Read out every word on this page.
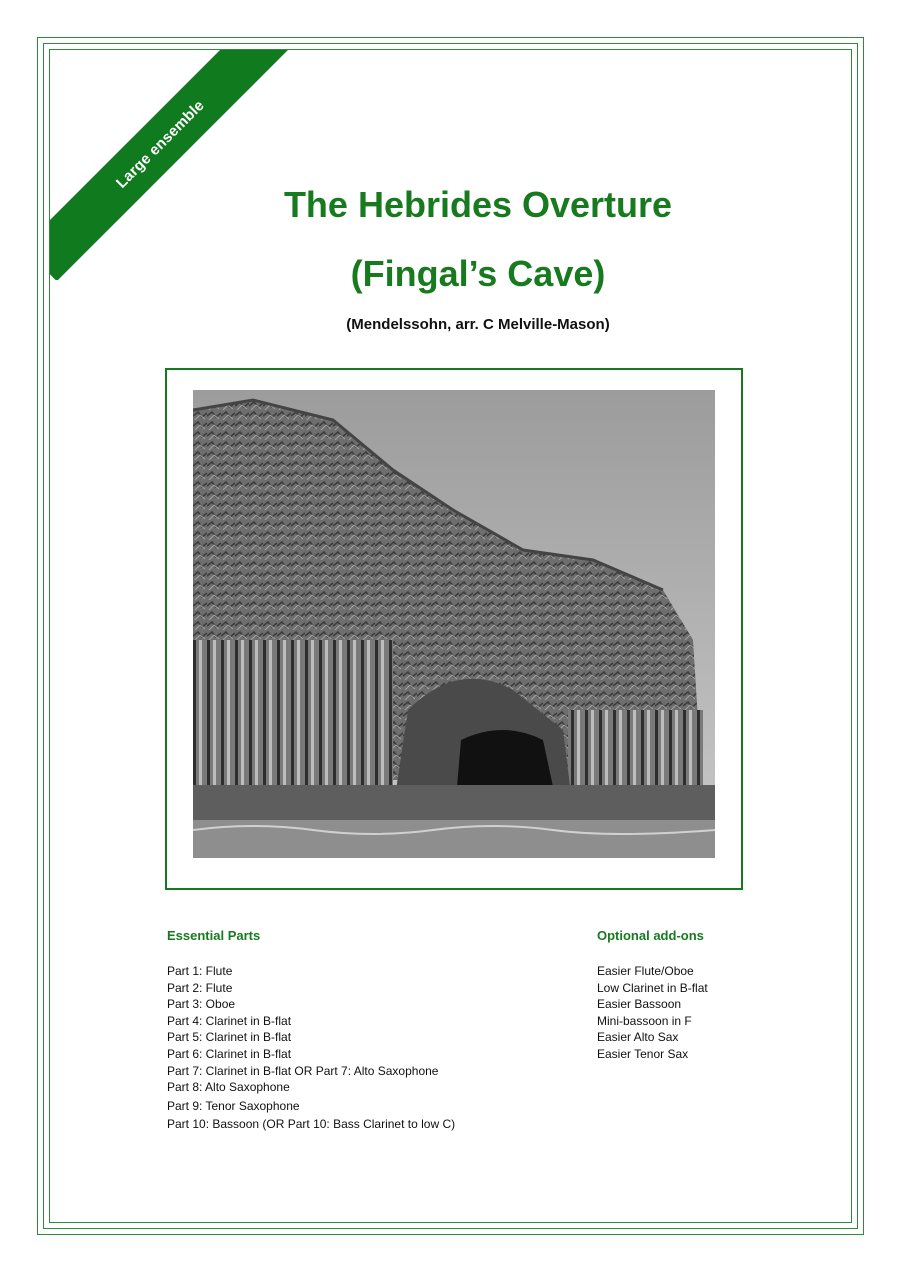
Large ensemble
The Hebrides Overture
(Fingal’s Cave)
(Mendelssohn, arr. C Melville-Mason)
Essential Parts
Part 1: Flute
Part 2: Flute
Part 3: Oboe
Part 4: Clarinet in B-flat
Part 5: Clarinet in B-flat
Part 6: Clarinet in B-flat
Part 7: Clarinet in B-flat OR Part 7: Alto Saxophone
Part 8: Alto Saxophone
Part 9: Tenor Saxophone
Part 10: Bassoon (OR Part 10: Bass Clarinet to low C)
Optional add-ons
Easier Flute/Oboe
Low Clarinet in B-flat
Easier Bassoon
Mini-bassoon in F
Easier Alto Sax
Easier Tenor Sax
